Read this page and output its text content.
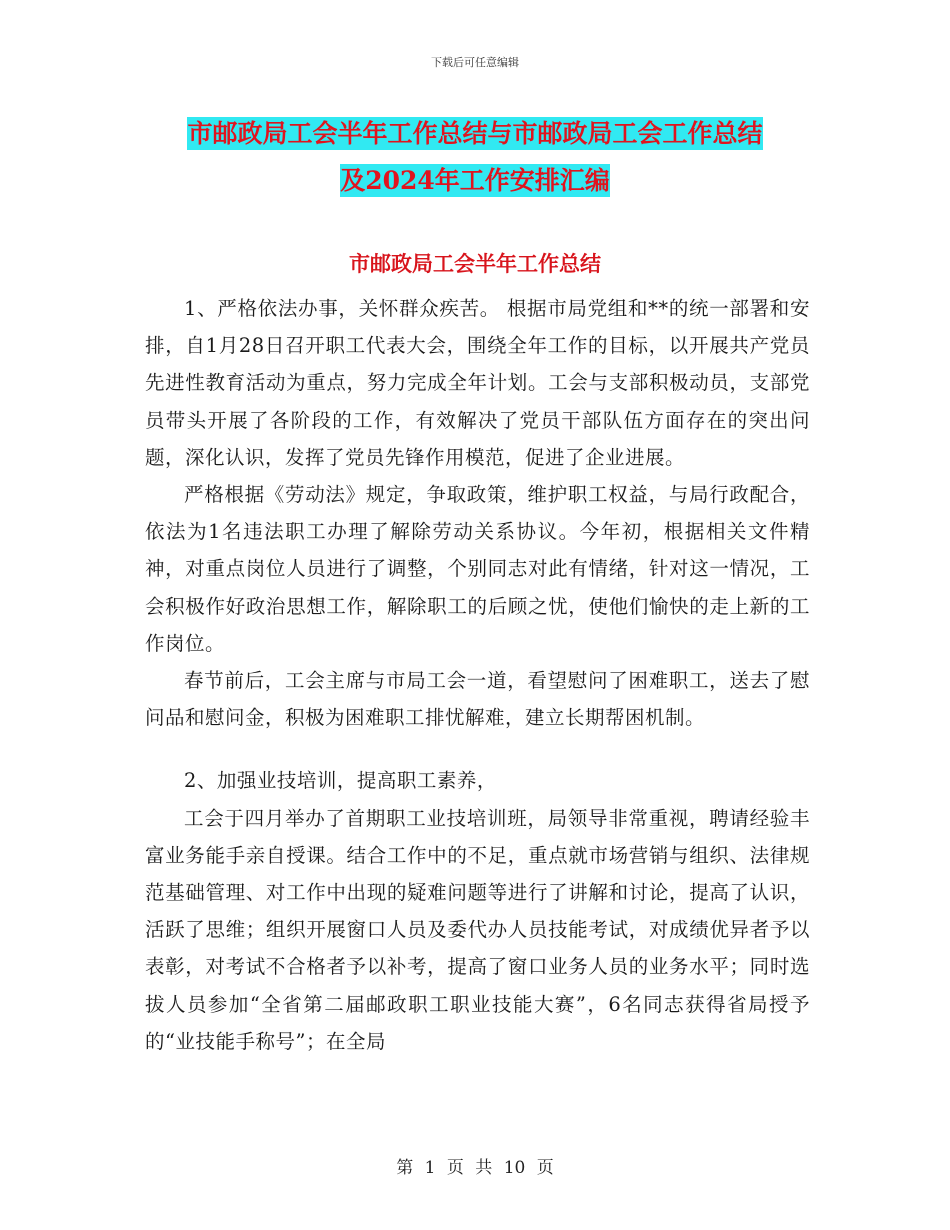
下载后可任意编辑
市邮政局工会半年工作总结与市邮政局工会工作总结
及2024年工作安排汇编
市邮政局工会半年工作总结

1、严格依法办事，关怀群众疾苦。 根据市局党组和**的统一部署和安排，自1月28日召开职工代表大会，围绕全年工作的目标，以开展共产党员先进性教育活动为重点，努力完成全年计划。工会与支部积极动员，支部党员带头开展了各阶段的工作，有效解决了党员干部队伍方面存在的突出问题，深化认识，发挥了党员先锋作用模范，促进了企业进展。

严格根据《劳动法》规定，争取政策，维护职工权益，与局行政配合，依法为1名违法职工办理了解除劳动关系协议。今年初，根据相关文件精神，对重点岗位人员进行了调整，个别同志对此有情绪，针对这一情况，工会积极作好政治思想工作，解除职工的后顾之忧，使他们愉快的走上新的工作岗位。

春节前后，工会主席与市局工会一道，看望慰问了困难职工，送去了慰问品和慰问金，积极为困难职工排忧解难，建立长期帮困机制。

2、加强业技培训，提高职工素养，

工会于四月举办了首期职工业技培训班，局领导非常重视，聘请经验丰富业务能手亲自授课。结合工作中的不足，重点就市场营销与组织、法律规范基础管理、对工作中出现的疑难问题等进行了讲解和讨论，提高了认识，活跃了思维；组织开展窗口人员及委代办人员技能考试，对成绩优异者予以表彰，对考试不合格者予以补考，提高了窗口业务人员的业务水平；同时选拔人员参加“全省第二届邮政职工职业技能大赛”，6名同志获得省局授予的“业技能手称号”；在全局

第 1 页 共 10 页
